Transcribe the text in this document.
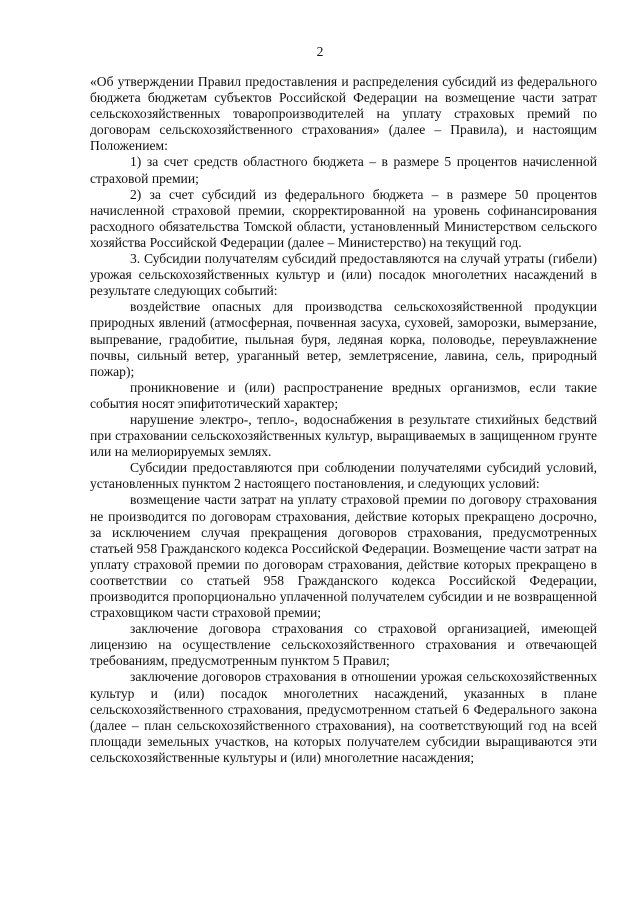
2

«Об утверждении Правил предоставления и распределения субсидий из федерального бюджета бюджетам субъектов Российской Федерации на возмещение части затрат сельскохозяйственных товаропроизводителей на уплату страховых премий по договорам сельскохозяйственного страхования» (далее – Правила), и настоящим Положением:

1) за счет средств областного бюджета – в размере 5 процентов начисленной страховой премии;

2) за счет субсидий из федерального бюджета – в размере 50 процентов начисленной страховой премии, скорректированной на уровень софинансирования расходного обязательства Томской области, установленный Министерством сельского хозяйства Российской Федерации (далее – Министерство) на текущий год.

3. Субсидии получателям субсидий предоставляются на случай утраты (гибели) урожая сельскохозяйственных культур и (или) посадок многолетних насаждений в результате следующих событий:

воздействие опасных для производства сельскохозяйственной продукции природных явлений (атмосферная, почвенная засуха, суховей, заморозки, вымерзание, выпревание, градобитие, пыльная буря, ледяная корка, половодье, переувлажнение почвы, сильный ветер, ураганный ветер, землетрясение, лавина, сель, природный пожар);

проникновение и (или) распространение вредных организмов, если такие события носят эпифитотический характер;

нарушение электро-, тепло-, водоснабжения в результате стихийных бедствий при страховании сельскохозяйственных культур, выращиваемых в защищенном грунте или на мелиорируемых землях.

Субсидии предоставляются при соблюдении получателями субсидий условий, установленных пунктом 2 настоящего постановления, и следующих условий:

возмещение части затрат на уплату страховой премии по договору страхования не производится по договорам страхования, действие которых прекращено досрочно, за исключением случая прекращения договоров страхования, предусмотренных статьей 958 Гражданского кодекса Российской Федерации. Возмещение части затрат на уплату страховой премии по договорам страхования, действие которых прекращено в соответствии со статьей 958 Гражданского кодекса Российской Федерации, производится пропорционально уплаченной получателем субсидии и не возвращенной страховщиком части страховой премии;

заключение договора страхования со страховой организацией, имеющей лицензию на осуществление сельскохозяйственного страхования и отвечающей требованиям, предусмотренным пунктом 5 Правил;

заключение договоров страхования в отношении урожая сельскохозяйственных культур и (или) посадок многолетних насаждений, указанных в плане сельскохозяйственного страхования, предусмотренном статьей 6 Федерального закона (далее – план сельскохозяйственного страхования), на соответствующий год на всей площади земельных участков, на которых получателем субсидии выращиваются эти сельскохозяйственные культуры и (или) многолетние насаждения;
